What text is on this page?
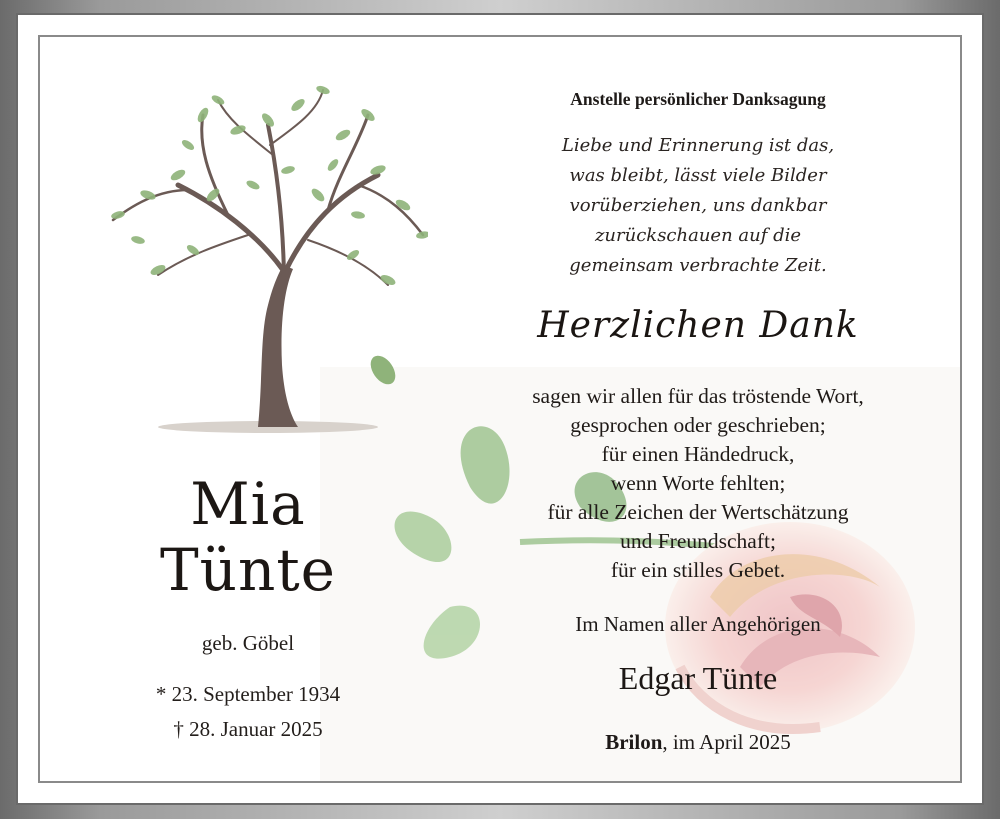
Mia
Tünte
geb. Göbel
* 23. September 1934
† 28. Januar 2025
Anstelle persönlicher Danksagung
Liebe und Erinnerung ist das,
was bleibt, lässt viele Bilder
vorüberziehen, uns dankbar
zurückschauen auf die
gemeinsam verbrachte Zeit.
Herzlichen Dank
sagen wir allen für das tröstende Wort,
gesprochen oder geschrieben;
für einen Händedruck,
wenn Worte fehlten;
für alle Zeichen der Wertschätzung
und Freundschaft;
für ein stilles Gebet.
Im Namen aller Angehörigen
Edgar Tünte
Brilon, im April 2025
